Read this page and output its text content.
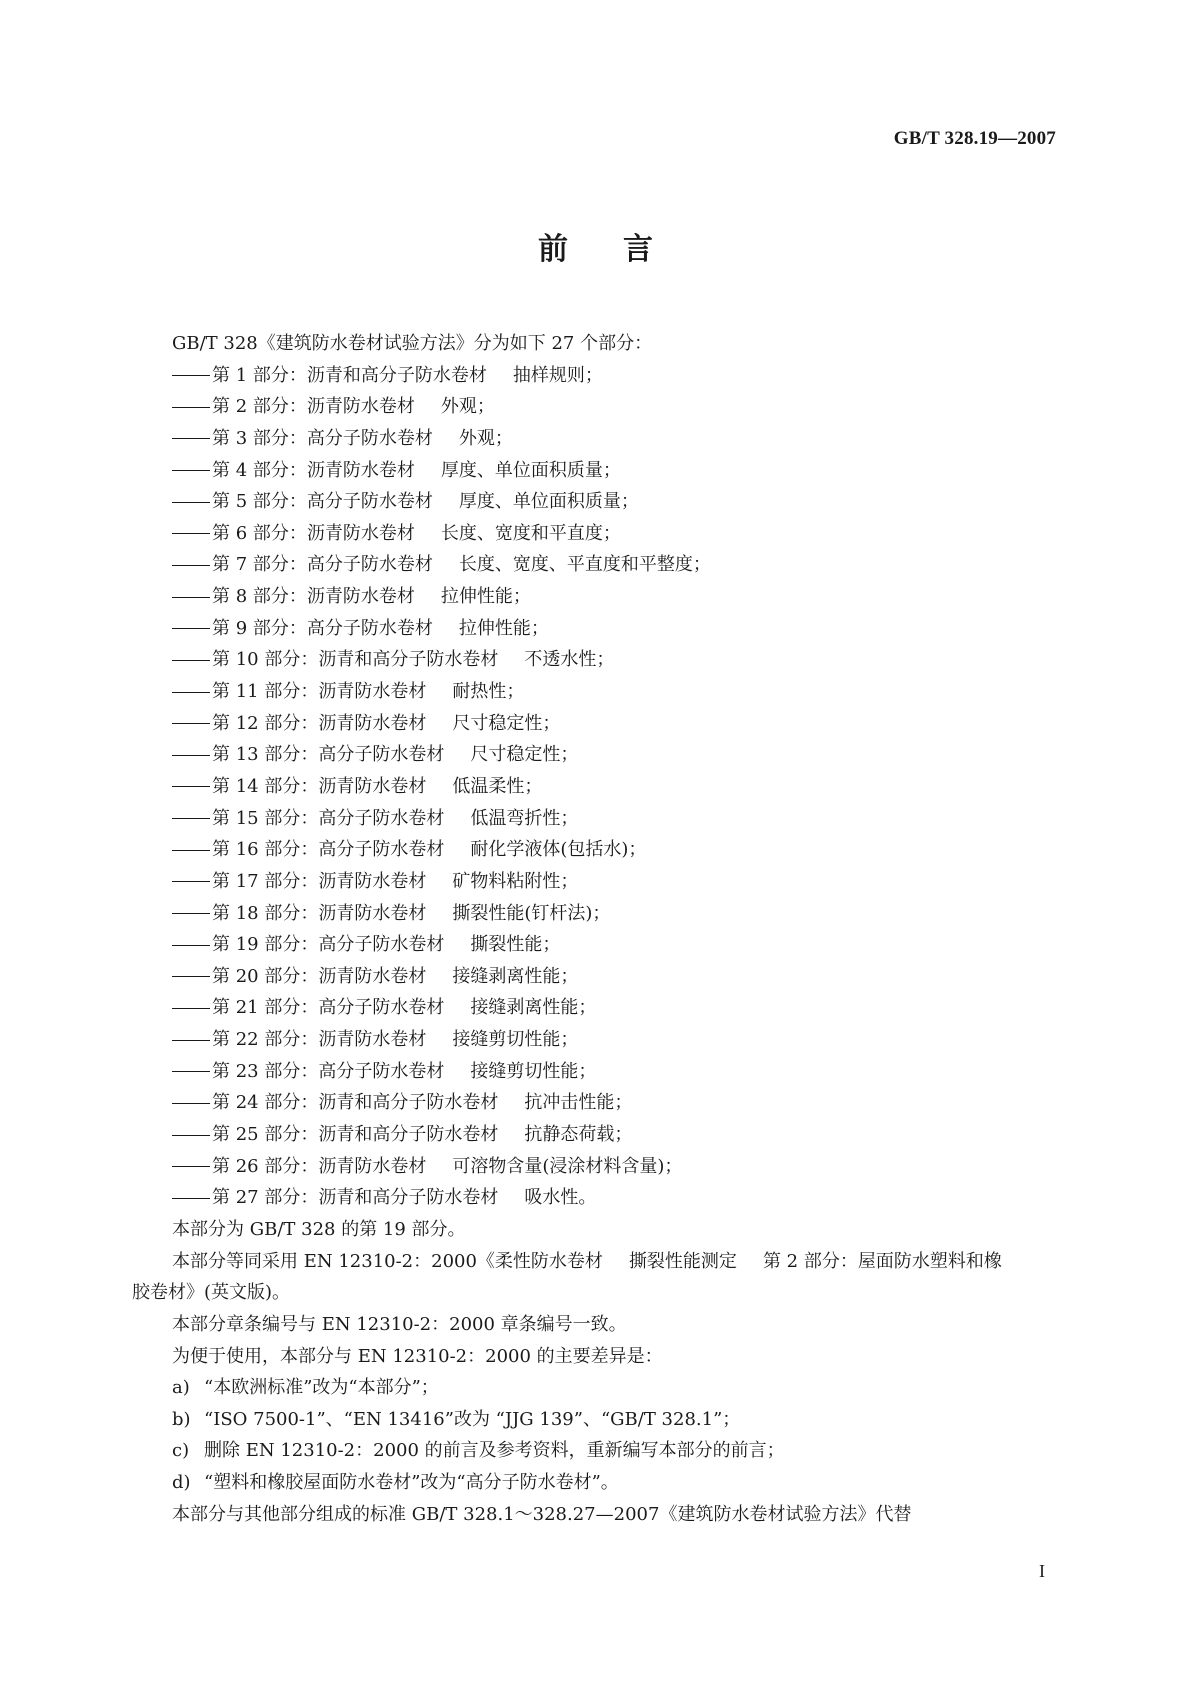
GB/T 328.19—2007
前言
GB/T 328《建筑防水卷材试验方法》分为如下 27 个部分：
第 1 部分：沥青和高分子防水卷材 抽样规则；
第 2 部分：沥青防水卷材 外观；
第 3 部分：高分子防水卷材 外观；
第 4 部分：沥青防水卷材 厚度、单位面积质量；
第 5 部分：高分子防水卷材 厚度、单位面积质量；
第 6 部分：沥青防水卷材 长度、宽度和平直度；
第 7 部分：高分子防水卷材 长度、宽度、平直度和平整度；
第 8 部分：沥青防水卷材 拉伸性能；
第 9 部分：高分子防水卷材 拉伸性能；
第 10 部分：沥青和高分子防水卷材 不透水性；
第 11 部分：沥青防水卷材 耐热性；
第 12 部分：沥青防水卷材 尺寸稳定性；
第 13 部分：高分子防水卷材 尺寸稳定性；
第 14 部分：沥青防水卷材 低温柔性；
第 15 部分：高分子防水卷材 低温弯折性；
第 16 部分：高分子防水卷材 耐化学液体(包括水)；
第 17 部分：沥青防水卷材 矿物料粘附性；
第 18 部分：沥青防水卷材 撕裂性能(钉杆法)；
第 19 部分：高分子防水卷材 撕裂性能；
第 20 部分：沥青防水卷材 接缝剥离性能；
第 21 部分：高分子防水卷材 接缝剥离性能；
第 22 部分：沥青防水卷材 接缝剪切性能；
第 23 部分：高分子防水卷材 接缝剪切性能；
第 24 部分：沥青和高分子防水卷材 抗冲击性能；
第 25 部分：沥青和高分子防水卷材 抗静态荷载；
第 26 部分：沥青防水卷材 可溶物含量(浸涂材料含量)；
第 27 部分：沥青和高分子防水卷材 吸水性。
本部分为 GB/T 328 的第 19 部分。
本部分等同采用 EN 12310-2：2000《柔性防水卷材 撕裂性能测定 第 2 部分：屋面防水塑料和橡
胶卷材》(英文版)。
本部分章条编号与 EN 12310-2：2000 章条编号一致。
为便于使用，本部分与 EN 12310-2：2000 的主要差异是：
a) “本欧洲标准”改为“本部分”；
b) “ISO 7500-1”、“EN 13416”改为 “JJG 139”、“GB/T 328.1”；
c) 删除 EN 12310-2：2000 的前言及参考资料，重新编写本部分的前言；
d) “塑料和橡胶屋面防水卷材”改为“高分子防水卷材”。
本部分与其他部分组成的标准 GB/T 328.1～328.27—2007《建筑防水卷材试验方法》代替
I
